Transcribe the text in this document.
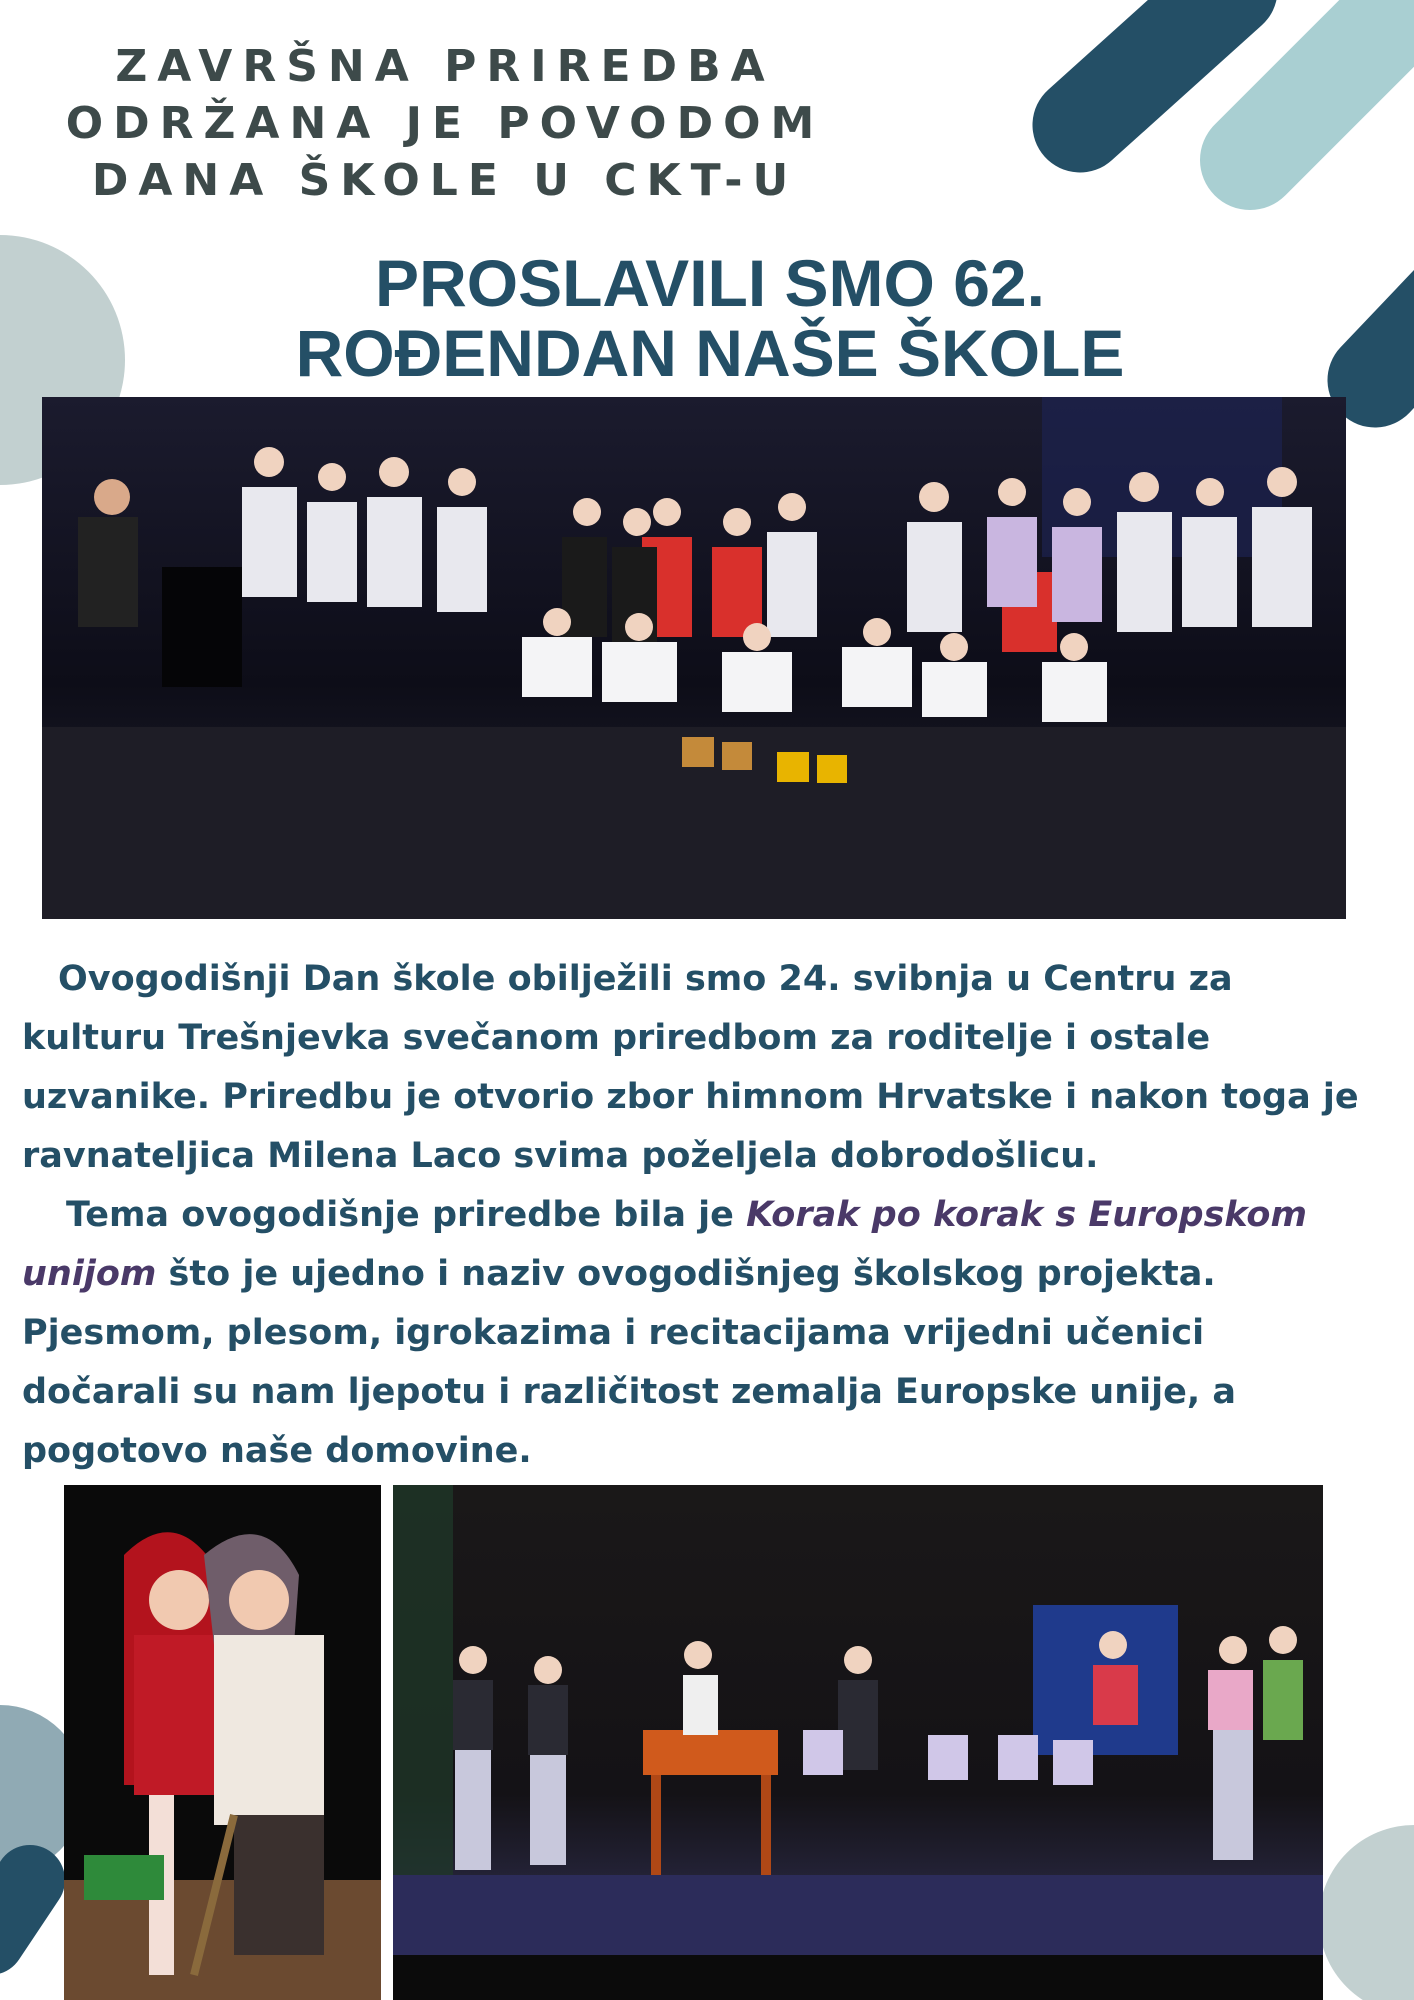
ZAVRŠNA PRIREDBA
ODRŽANA JE POVODOM
DANA ŠKOLE U CKT-U
PROSLAVILI SMO 62.
ROĐENDAN NAŠE ŠKOLE

Ovogodišnji Dan škole obilježili smo 24. svibnja u Centru za kulturu Trešnjevka svečanom priredbom za roditelje i ostale uzvanike. Priredbu je otvorio zbor himnom Hrvatske i nakon toga je ravnateljica Milena Laco svima poželjela dobrodošlicu.

Tema ovogodišnje priredbe bila je Korak po korak s Europskom unijom što je ujedno i naziv ovogodišnjeg školskog projekta. Pjesmom, plesom, igrokazima i recitacijama vrijedni učenici dočarali su nam ljepotu i različitost zemalja Europske unije, a pogotovo naše domovine.
